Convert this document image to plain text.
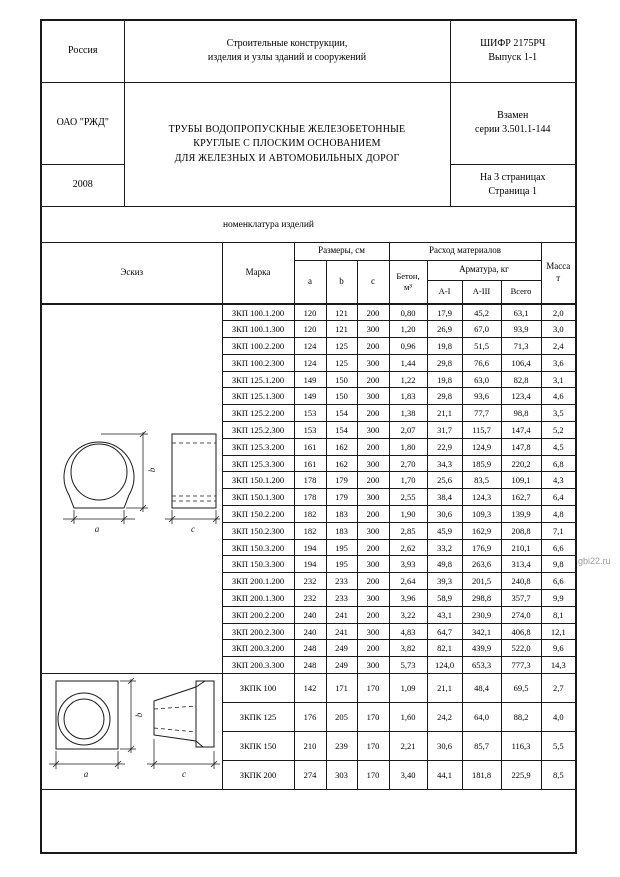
Россия	
Строительные конструкции,
изделия и узлы зданий и сооружений

ШИФР 2175РЧ
Выпуск 1-1

ОАО "РЖД"	
ТРУБЫ ВОДОПРОПУСКНЫЕ ЖЕЛЕЗОБЕТОННЫЕ
КРУГЛЫЕ С ПЛОСКИМ ОСНОВАНИЕМ
ДЛЯ ЖЕЛЕЗНЫХ И АВТОМОБИЛЬНЫХ ДОРОГ

Взамен
серии 3.501.1-144

2008		На 3 страницах
Страница 1
номенклатура изделий
Эскиз	Марка	Размеры, см			Расход материалов				Масса
т

		a	b	c	Бетон,
м³	Арматура, кг			
						А-I	А-III	Всего	

a
b
c	ЗКП 100.1.200	120	121	200	0,80	17,9	45,2	63,1	2,0
	ЗКП 100.1.300	120	121	300	1,20	26,9	67,0	93,9	3,0
	ЗКП 100.2.200	124	125	200	0,96	19,8	51,5	71,3	2,4
	ЗКП 100.2.300	124	125	300	1,44	29,8	76,6	106,4	3,6
	ЗКП 125.1.200	149	150	200	1,22	19,8	63,0	82,8	3,1
	ЗКП 125.1.300	149	150	300	1,83	29,8	93,6	123,4	4,6
	ЗКП 125.2.200	153	154	200	1,38	21,1	77,7	98,8	3,5
	ЗКП 125.2.300	153	154	300	2,07	31,7	115,7	147,4	5,2
	ЗКП 125.3.200	161	162	200	1,80	22,9	124,9	147,8	4,5
	ЗКП 125.3.300	161	162	300	2,70	34,3	185,9	220,2	6,8
	ЗКП 150.1.200	178	179	200	1,70	25,6	83,5	109,1	4,3
	ЗКП 150.1.300	178	179	300	2,55	38,4	124,3	162,7	6,4
	ЗКП 150.2.200	182	183	200	1,90	30,6	109,3	139,9	4,8
	ЗКП 150.2.300	182	183	300	2,85	45,9	162,9	208,8	7,1
	ЗКП 150.3.200	194	195	200	2,62	33,2	176,9	210,1	6,6
	ЗКП 150.3.300	194	195	300	3,93	49,8	263,6	313,4	9,8
	ЗКП 200.1.200	232	233	200	2,64	39,3	201,5	240,8	6,6
	ЗКП 200.1.300	232	233	300	3,96	58,9	298,8	357,7	9,9
	ЗКП 200.2.200	240	241	200	3,22	43,1	230,9	274,0	8,1
	ЗКП 200.2.300	240	241	300	4,83	64,7	342,1	406,8	12,1
	ЗКП 200.3.200	248	249	200	3,82	82,1	439,9	522,0	9,6
	ЗКП 200.3.300	248	249	300	5,73	124,0	653,3	777,3	14,3

a
b
c	ЗКПК 100	142	171	170	1,09	21,1	48,4	69,5	2,7
	ЗКПК 125	176	205	170	1,60	24,2	64,0	88,2	4,0
	ЗКПК 150	210	239	170	2,21	30,6	85,7	116,3	5,5
	ЗКПК 200	274	303	170	3,40	44,1	181,8	225,9	8,5

gbi22.ru
